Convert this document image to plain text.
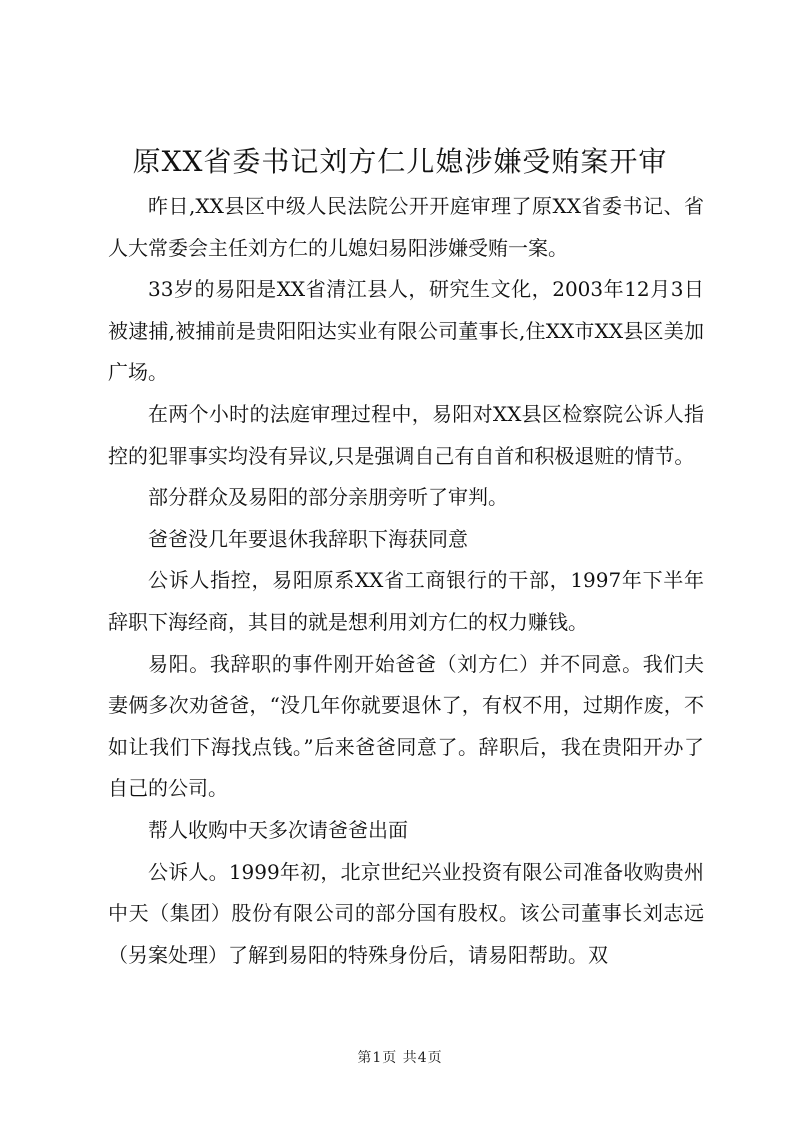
原XX省委书记刘方仁儿媳涉嫌受贿案开审

昨日,XX县区中级人民法院公开开庭审理了原XX省委书记、省人大常委会主任刘方仁的儿媳妇易阳涉嫌受贿一案。

33岁的易阳是XX省清江县人，研究生文化，2003年12月3日被逮捕,被捕前是贵阳阳达实业有限公司董事长,住XX市XX县区美加广场。

在两个小时的法庭审理过程中，易阳对XX县区检察院公诉人指控的犯罪事实均没有异议,只是强调自己有自首和积极退赃的情节。

部分群众及易阳的部分亲朋旁听了审判。

爸爸没几年要退休我辞职下海获同意

公诉人指控，易阳原系XX省工商银行的干部，1997年下半年辞职下海经商，其目的就是想利用刘方仁的权力赚钱。

易阳。我辞职的事件刚开始爸爸（刘方仁）并不同意。我们夫妻俩多次劝爸爸，“没几年你就要退休了，有权不用，过期作废，不如让我们下海找点钱。”后来爸爸同意了。辞职后，我在贵阳开办了自己的公司。

帮人收购中天多次请爸爸出面

公诉人。1999年初，北京世纪兴业投资有限公司准备收购贵州中天（集团）股份有限公司的部分国有股权。该公司董事长刘志远（另案处理）了解到易阳的特殊身份后，请易阳帮助。双

第1页 共4页
